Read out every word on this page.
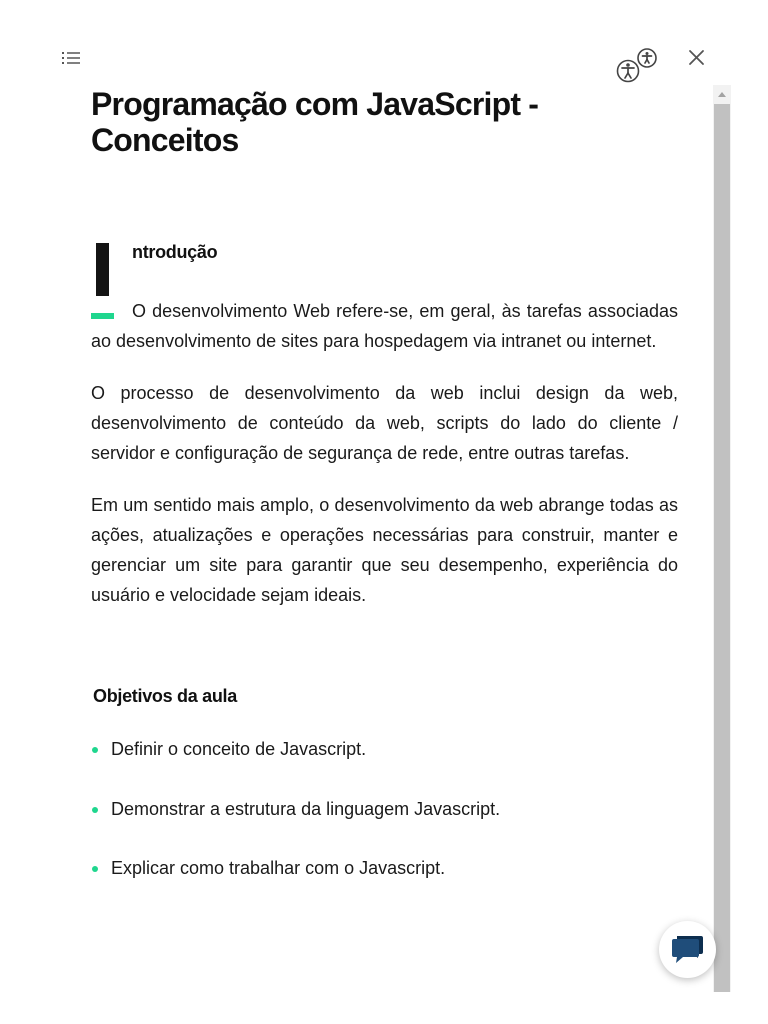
Programação com JavaScript - Conceitos
ntrodução

O desenvolvimento Web refere-se, em geral, às tarefas associadas ao desenvolvimento de sites para hospedagem via intranet ou internet.

O processo de desenvolvimento da web inclui design da web, desenvolvimento de conteúdo da web, scripts do lado do cliente / servidor e configuração de segurança de rede, entre outras tarefas.

Em um sentido mais amplo, o desenvolvimento da web abrange todas as ações, atualizações e operações necessárias para construir, manter e gerenciar um site para garantir que seu desempenho, experiência do usuário e velocidade sejam ideais.

Objetivos da aula
Definir o conceito de Javascript.
Demonstrar a estrutura da linguagem Javascript.
Explicar como trabalhar com o Javascript.
